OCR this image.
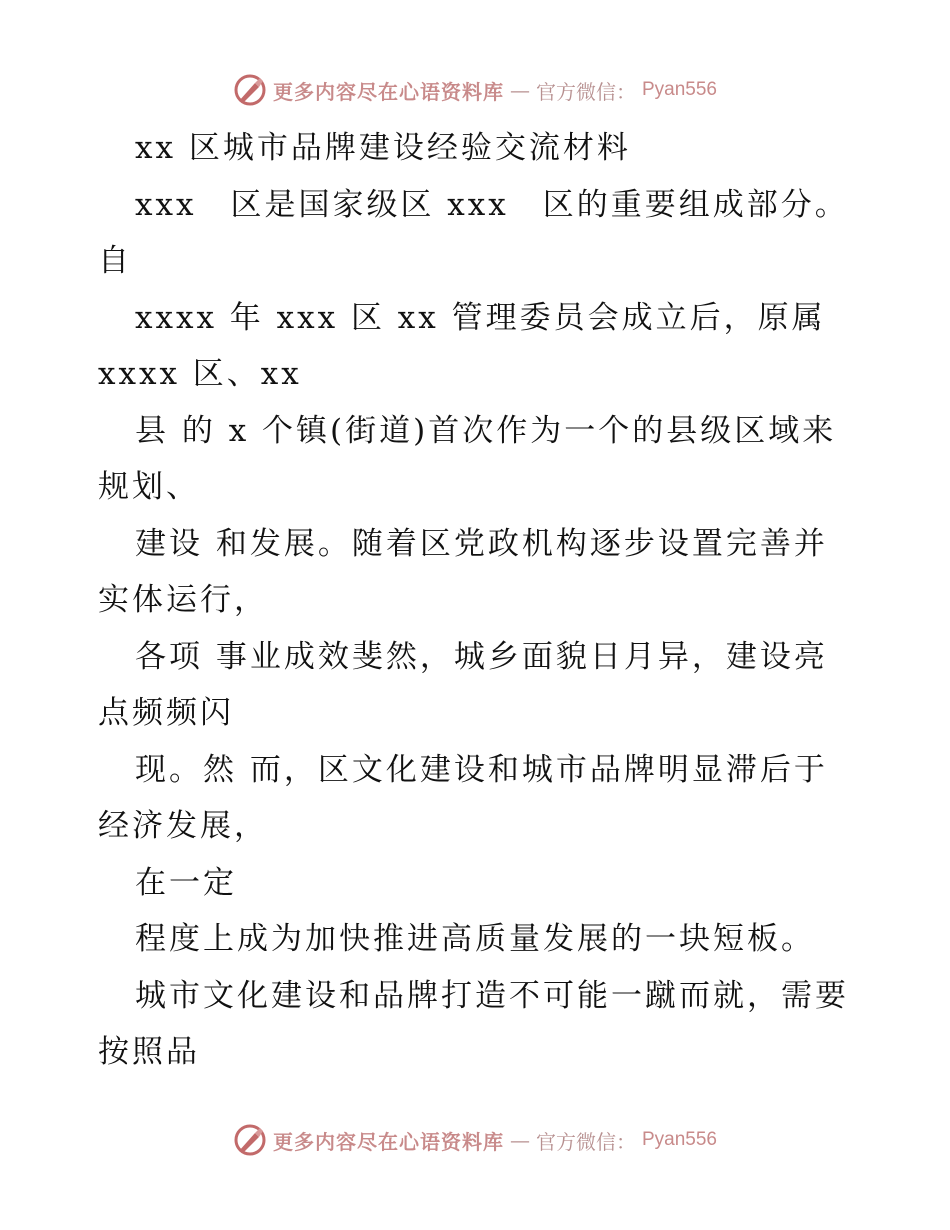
更多内容尽在心语资料库 — 官方微信： Pyan556
xx 区城市品牌建设经验交流材料
xxx　区是国家级区 xxx　区的重要组成部分。
自
xxxx 年 xxx 区 xx 管理委员会成立后，原属
xxxx 区、xx
县 的 x 个镇(街道)首次作为一个的县级区域来
规划、
建设 和发展。随着区党政机构逐步设置完善并
实体运行，
各项 事业成效斐然，城乡面貌日月异，建设亮
点频频闪
现。然 而，区文化建设和城市品牌明显滞后于
经济发展，
在一定
程度上成为加快推进高质量发展的一块短板。
城市文化建设和品牌打造不可能一蹴而就，需要
按照品
更多内容尽在心语资料库 — 官方微信： Pyan556
